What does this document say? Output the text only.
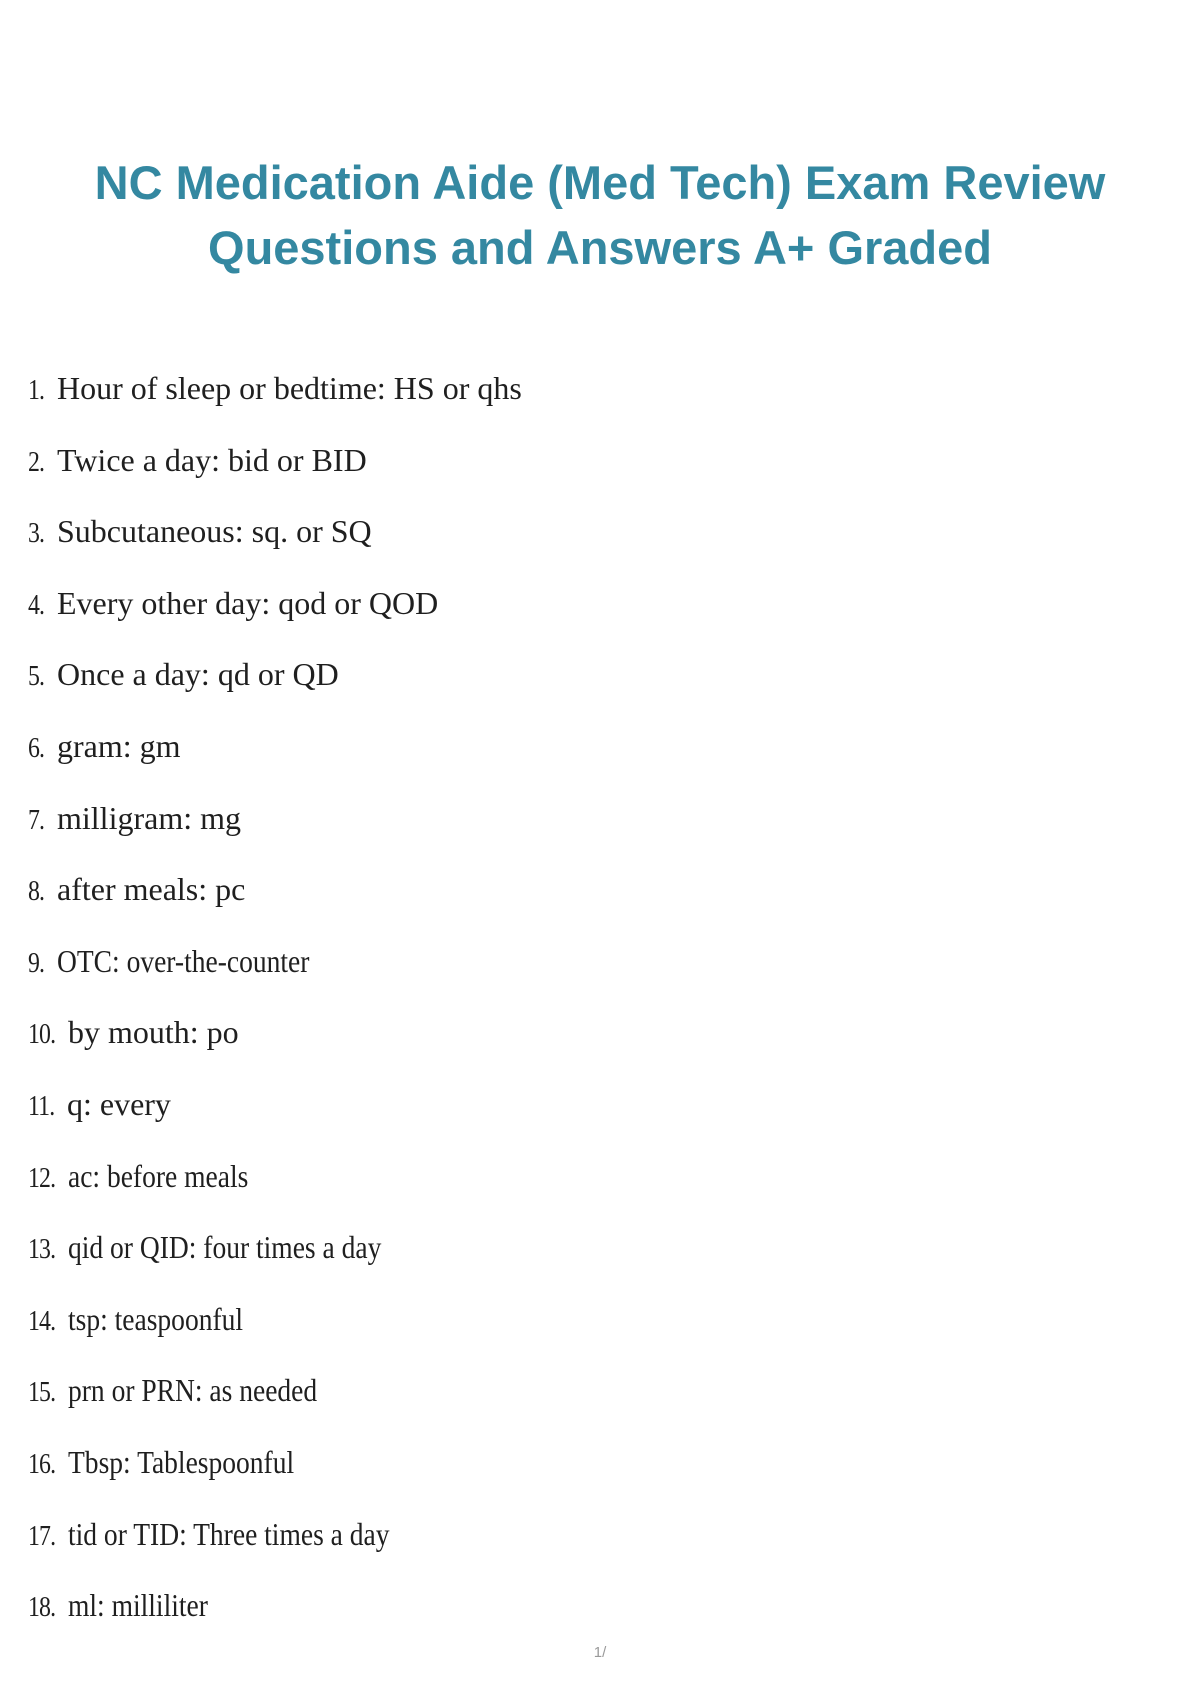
NC Medication Aide (Med Tech) Exam Review
Questions and Answers A+ Graded
1. Hour of sleep or bedtime: HS or qhs
2. Twice a day: bid or BID
3. Subcutaneous: sq. or SQ
4. Every other day: qod or QOD
5. Once a day: qd or QD
6. gram: gm
7. milligram: mg
8. after meals: pc
9. OTC: over-the-counter
10. by mouth: po
11. q: every
12. ac: before meals
13. qid or QID: four times a day
14. tsp: teaspoonful
15. prn or PRN: as needed
16. Tbsp: Tablespoonful
17. tid or TID: Three times a day
18. ml: milliliter
1/
